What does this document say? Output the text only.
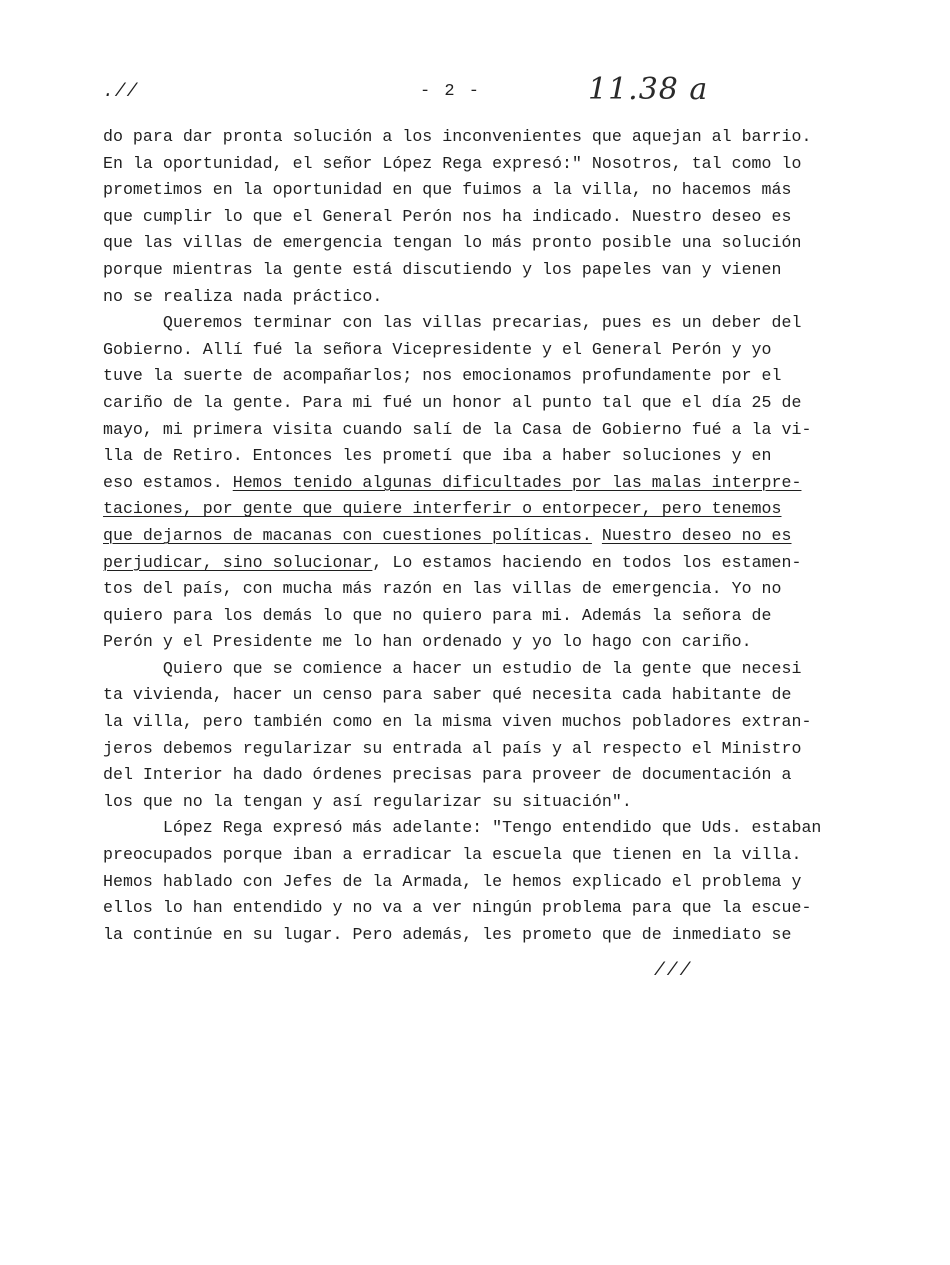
.//	- 2 -	11.38 a
do para dar pronta solución a los inconvenientes que aquejan al barrio.
En la oportunidad, el señor López Rega expresó:" Nosotros, tal como lo
prometimos en la oportunidad en que fuimos a la villa, no hacemos más
que cumplir lo que el General Perón nos ha indicado. Nuestro deseo es
que las villas de emergencia tengan lo más pronto posible una solución
porque mientras la gente está discutiendo y los papeles van y vienen
no se realiza nada práctico.
Queremos terminar con las villas precarias, pues es un deber del
Gobierno. Allí fué la señora Vicepresidente y el General Perón y yo
tuve la suerte de acompañarlos; nos emocionamos profundamente por el
cariño de la gente. Para mi fué un honor al punto tal que el día 25 de
mayo, mi primera visita cuando salí de la Casa de Gobierno fué a la vi-
lla de Retiro. Entonces les prometí que iba a haber soluciones y en
eso estamos. Hemos tenido algunas dificultades por las malas interpre-
taciones, por gente que quiere interferir o entorpecer, pero tenemos
que dejarnos de macanas con cuestiones políticas. Nuestro deseo no es
perjudicar, sino solucionar, Lo estamos haciendo en todos los estamen-
tos del país, con mucha más razón en las villas de emergencia. Yo no
quiero para los demás lo que no quiero para mi. Además la señora de
Perón y el Presidente me lo han ordenado y yo lo hago con cariño.
Quiero que se comience a hacer un estudio de la gente que necesi
ta vivienda, hacer un censo para saber qué necesita cada habitante de
la villa, pero también como en la misma viven muchos pobladores extran-
jeros debemos regularizar su entrada al país y al respecto el Ministro
del Interior ha dado órdenes precisas para proveer de documentación a
los que no la tengan y así regularizar su situación".
López Rega expresó más adelante: "Tengo entendido que Uds. estaban
preocupados porque iban a erradicar la escuela que tienen en la villa.
Hemos hablado con Jefes de la Armada, le hemos explicado el problema y
ellos lo han entendido y no va a ver ningún problema para que la escue-
la continúe en su lugar. Pero además, les prometo que de inmediato se
///
